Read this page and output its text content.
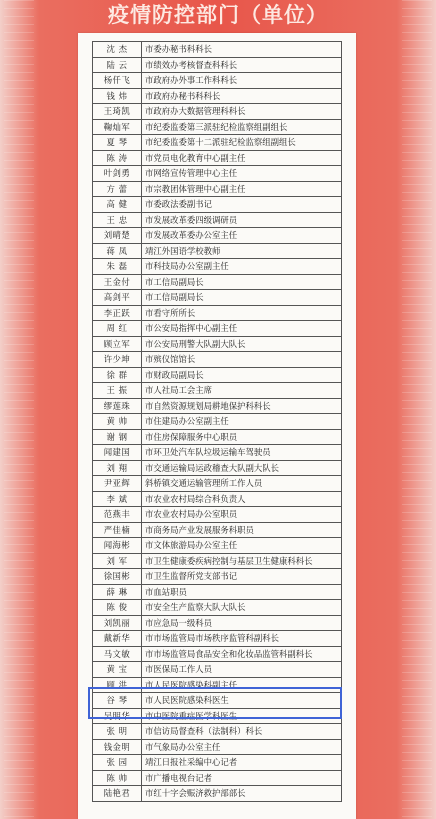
疫情防控部门（单位）
沈 杰	市委办秘书科科长
陆 云	市绩效办考核督查科科长
杨仟飞	市政府办外事工作科科长
钱 炜	市政府办秘书科科长
王琦凯	市政府办大数据管理科科长
鞠灿军	市纪委监委第三派驻纪检监察组副组长
夏 琴	市纪委监委第十二派驻纪检监察组副组长
陈 涛	市党员电化教育中心副主任
叶剑勇	市网络宣传管理中心主任
方 蕾	市宗教团体管理中心副主任
高 健	市委政法委副书记
王 忠	市发展改革委四级调研员
刘晴楚	市发展改革委办公室主任
蒋 凤	靖江外国语学校教师
朱 磊	市科技局办公室副主任
王金付	市工信局副局长
高剑平	市工信局副局长
李正跃	市看守所所长
周 红	市公安局指挥中心副主任
顾立军	市公安局刑警大队副大队长
许少坤	市殡仪馆馆长
徐 群	市财政局副局长
王 振	市人社局工会主席
缪莲珠	市自然资源规划局耕地保护科科长
黄 帅	市住建局办公室副主任
谢 钢	市住房保障服务中心职员
闻建国	市环卫处汽车队垃圾运输车驾驶员
刘 翔	市交通运输局运政稽查大队副大队长
尹亚辉	斜桥镇交通运输管理所工作人员
李 斌	市农业农村局综合科负责人
范燕丰	市农业农村局办公室职员
严佳楠	市商务局产业发展服务科职员
闻海彬	市文体旅游局办公室主任
刘 军	市卫生健康委疾病控制与基层卫生健康科科长
徐国彬	市卫生监督所党支部书记
薛 琳	市血站职员
陈 俊	市安全生产监察大队大队长
刘凯丽	市应急局一级科员
戴新华	市市场监管局市场秩序监管科副科长
马文敏	市市场监管局食品安全和化妆品监管科副科长
黄 宝	市医保局工作人员
顾 洪	市人民医院感染科副主任
谷 琴	市人民医院感染科医生
吴明华	市中医院重症医学科医生
张 明	市信访局督查科（法制科）科长
钱金明	市气象局办公室主任
张 园	靖江日报社采编中心记者
陈 帅	市广播电视台记者
陆艳君	市红十字会赈济救护部部长
